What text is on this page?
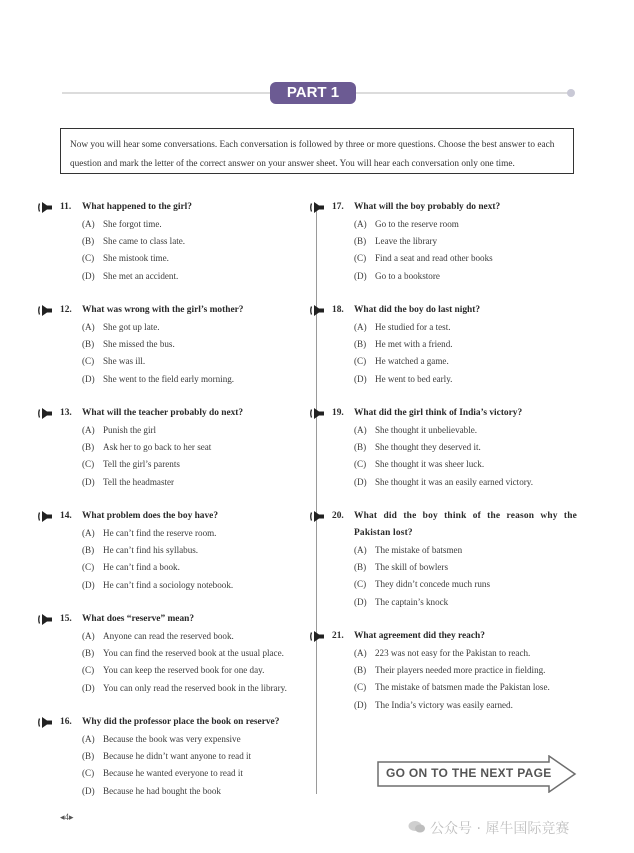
PART 1
Now you will hear some conversations. Each conversation is followed by three or more questions. Choose the best answer to each question and mark the letter of the correct answer on your answer sheet. You will hear each conversation only one time.
11. What happened to the girl?
(A) She forgot time.
(B) She came to class late.
(C) She mistook time.
(D) She met an accident.
12. What was wrong with the girl’s mother?
(A) She got up late.
(B) She missed the bus.
(C) She was ill.
(D) She went to the field early morning.
13. What will the teacher probably do next?
(A) Punish the girl
(B) Ask her to go back to her seat
(C) Tell the girl’s parents
(D) Tell the headmaster
14. What problem does the boy have?
(A) He can’t find the reserve room.
(B) He can’t find his syllabus.
(C) He can’t find a book.
(D) He can’t find a sociology notebook.
15. What does “reserve” mean?
(A) Anyone can read the reserved book.
(B) You can find the reserved book at the usual place.
(C) You can keep the reserved book for one day.
(D) You can only read the reserved book in the library.
16. Why did the professor place the book on reserve?
(A) Because the book was very expensive
(B) Because he didn’t want anyone to read it
(C) Because he wanted everyone to read it
(D) Because he had bought the book
17. What will the boy probably do next?
(A) Go to the reserve room
(B) Leave the library
(C) Find a seat and read other books
(D) Go to a bookstore
18. What did the boy do last night?
(A) He studied for a test.
(B) He met with a friend.
(C) He watched a game.
(D) He went to bed early.
19. What did the girl think of India’s victory?
(A) She thought it unbelievable.
(B) She thought they deserved it.
(C) She thought it was sheer luck.
(D) She thought it was an easily earned victory.
20.	What did the boy think of the reason why the Pakistan lost?
(A) The mistake of batsmen
(B) The skill of bowlers
(C) They didn’t concede much runs
(D) The captain’s knock
21. What agreement did they reach?
(A) 223 was not easy for the Pakistan to reach.
(B) Their players needed more practice in fielding.
(C) The mistake of batsmen made the Pakistan lose.
(D) The India’s victory was easily earned.
GO ON TO THE NEXT PAGE
◂4▸
公众号 · 犀牛国际竞赛
